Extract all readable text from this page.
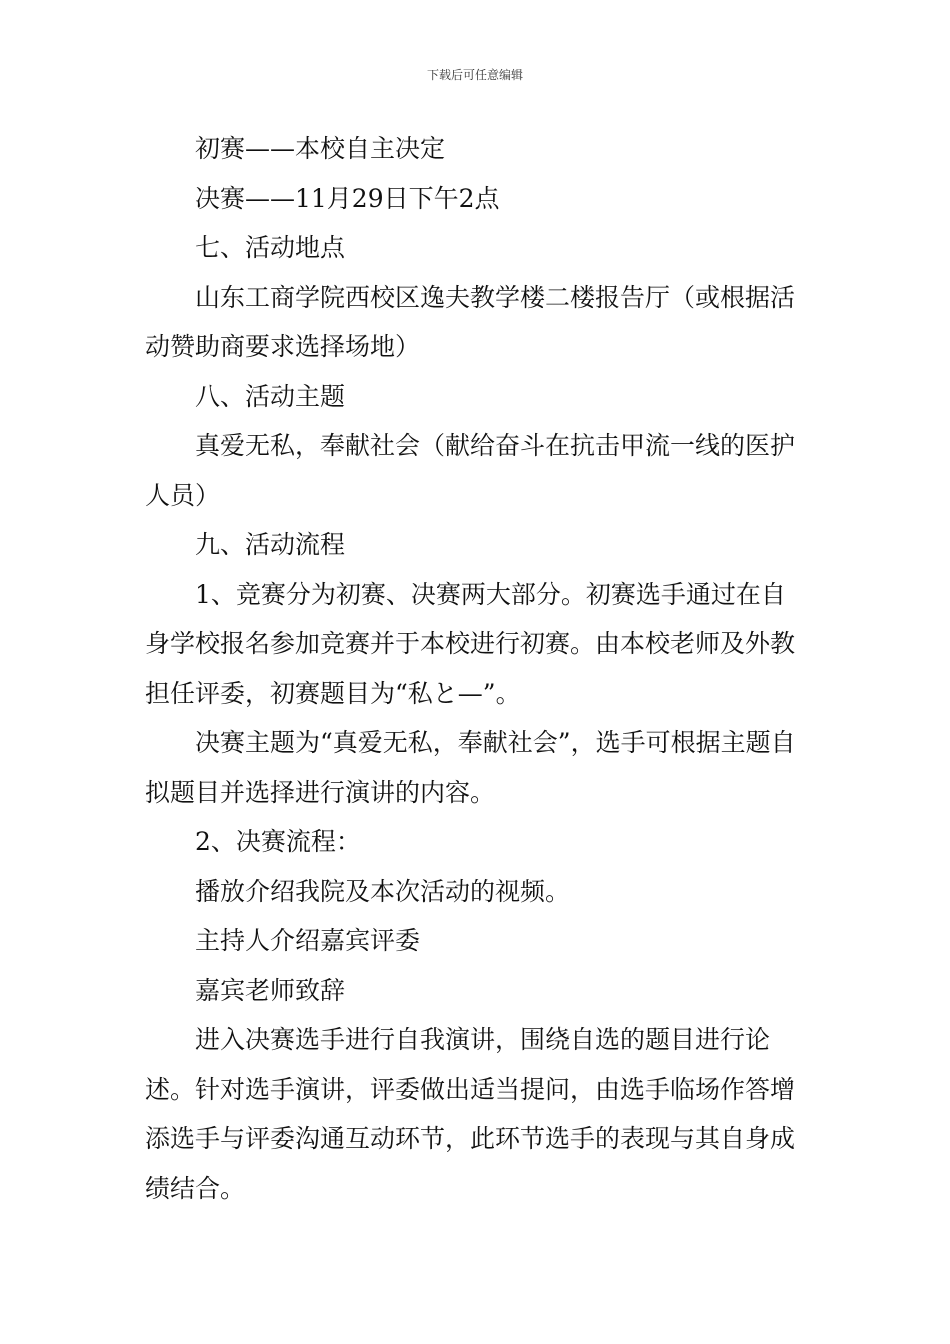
下载后可任意编辑

初赛——本校自主决定

决赛——11月29日下午2点

七、活动地点

山东工商学院西校区逸夫教学楼二楼报告厅（或根据活动赞助商要求选择场地）

八、活动主题

真爱无私，奉献社会（献给奋斗在抗击甲流一线的医护人员）

九、活动流程

1、竞赛分为初赛、决赛两大部分。初赛选手通过在自身学校报名参加竞赛并于本校进行初赛。由本校老师及外教担任评委，初赛题目为“私と—”。

决赛主题为“真爱无私，奉献社会”，选手可根据主题自拟题目并选择进行演讲的内容。

2、决赛流程：

播放介绍我院及本次活动的视频。

主持人介绍嘉宾评委

嘉宾老师致辞

进入决赛选手进行自我演讲，围绕自选的题目进行论述。针对选手演讲，评委做出适当提问，由选手临场作答增添选手与评委沟通互动环节，此环节选手的表现与其自身成绩结合。
